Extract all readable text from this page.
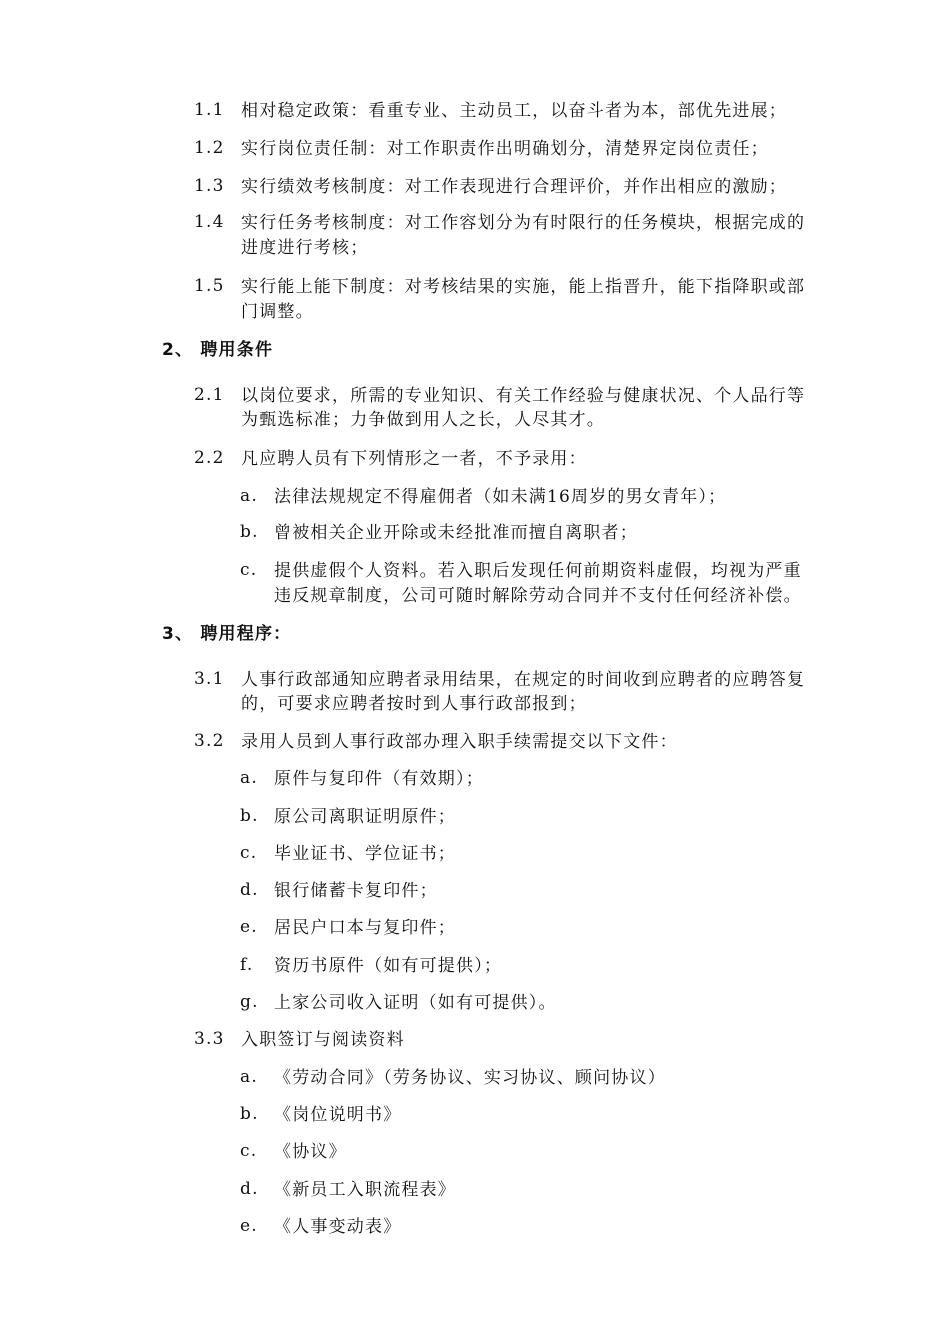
1.1 相对稳定政策：看重专业、主动员工，以奋斗者为本，部优先进展；
1.2 实行岗位责任制：对工作职责作出明确划分，清楚界定岗位责任；
1.3 实行绩效考核制度：对工作表现进行合理评价，并作出相应的激励；
1.4 实行任务考核制度：对工作容划分为有时限行的任务模块，根据完成的
进度进行考核；
1.5 实行能上能下制度：对考核结果的实施，能上指晋升，能下指降职或部
门调整。
2、 聘用条件
2.1 以岗位要求，所需的专业知识、有关工作经验与健康状况、个人品行等
为甄选标准；力争做到用人之长，人尽其才。
2.2 凡应聘人员有下列情形之一者，不予录用：
a. 法律法规规定不得雇佣者（如未满16周岁的男女青年）；
b. 曾被相关企业开除或未经批准而擅自离职者；
c. 提供虚假个人资料。若入职后发现任何前期资料虚假，均视为严重
违反规章制度，公司可随时解除劳动合同并不支付任何经济补偿。
3、 聘用程序：
3.1 人事行政部通知应聘者录用结果，在规定的时间收到应聘者的应聘答复
的，可要求应聘者按时到人事行政部报到；
3.2 录用人员到人事行政部办理入职手续需提交以下文件：
a. 原件与复印件（有效期）；
b. 原公司离职证明原件；
c. 毕业证书、学位证书；
d. 银行储蓄卡复印件；
e. 居民户口本与复印件；
f. 资历书原件（如有可提供）；
g. 上家公司收入证明（如有可提供）。
3.3 入职签订与阅读资料
a. 《劳动合同》（劳务协议、实习协议、顾问协议）
b. 《岗位说明书》
c. 《协议》
d. 《新员工入职流程表》
e. 《人事变动表》
